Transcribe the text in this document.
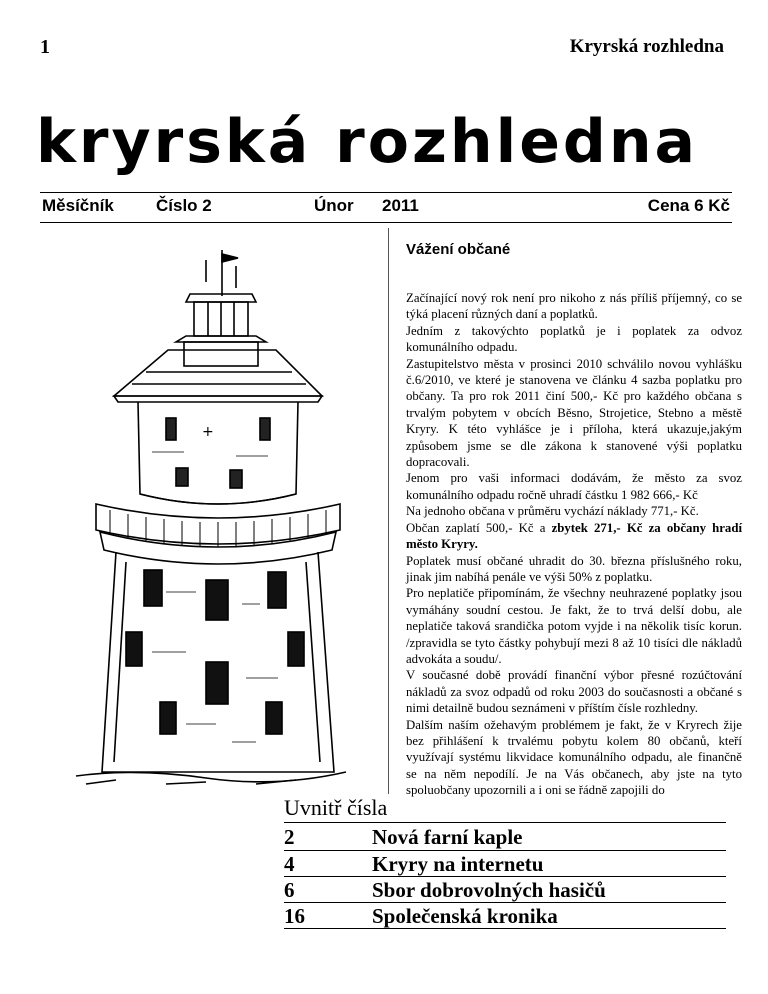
1	Kryrská rozhledna
kryrská rozhledna
Měsíčník Číslo 2	Únor 2011	Cena 6 Kč
+
Vážení občané

Začínající nový rok není pro nikoho z nás příliš příjemný, co se týká placení různých daní a poplatků.

Jedním z takovýchto poplatků je i poplatek za odvoz komunálního odpadu.

Zastupitelstvo města v prosinci 2010 schválilo novou vyhlášku č.6/2010, ve které je stanovena ve článku 4 sazba poplatku pro občany. Ta pro rok 2011 činí 500,- Kč pro každého občana s trvalým pobytem v obcích Běsno, Strojetice, Stebno a městě Kryry. K této vyhlášce je i příloha, která ukazuje,jakým způsobem jsme se dle zákona k stanovené výši poplatku dopracovali.

Jenom pro vaši informaci dodávám, že město za svoz komunálního odpadu ročně uhradí částku 1 982 666,- Kč

Na jednoho občana v průměru vychází náklady 771,- Kč.

Občan zaplatí 500,- Kč a zbytek 271,- Kč za občany hradí město Kryry.

Poplatek musí občané uhradit do 30. března příslušného roku, jinak jim nabíhá penále ve výši 50% z poplatku.

Pro neplatiče připomínám, že všechny neuhrazené poplatky jsou vymáhány soudní cestou. Je fakt, že to trvá delší dobu, ale neplatiče taková srandička potom vyjde i na několik tisíc korun. /zpravidla se tyto částky pohybují mezi 8 až 10 tisíci dle nákladů advokáta a soudu/.

V současné době provádí finanční výbor přesné rozúčtování nákladů za svoz odpadů od roku 2003 do současnosti a občané s nimi detailně budou seznámeni v příštím čísle rozhledny.

Dalším naším ožehavým problémem je fakt, že v Kryrech žije bez přihlášení k trvalému pobytu kolem 80 občanů, kteří využívají systému likvidace komunálního odpadu, ale finančně se na něm nepodílí. Je na Vás občanech, aby jste na tyto spoluobčany upozornili a i oni se řádně zapojili do

Uvnitř čísla
2	Nová farní kaple
4	Kryry na internetu
6	Sbor dobrovolných hasičů
16	Společenská kronika
